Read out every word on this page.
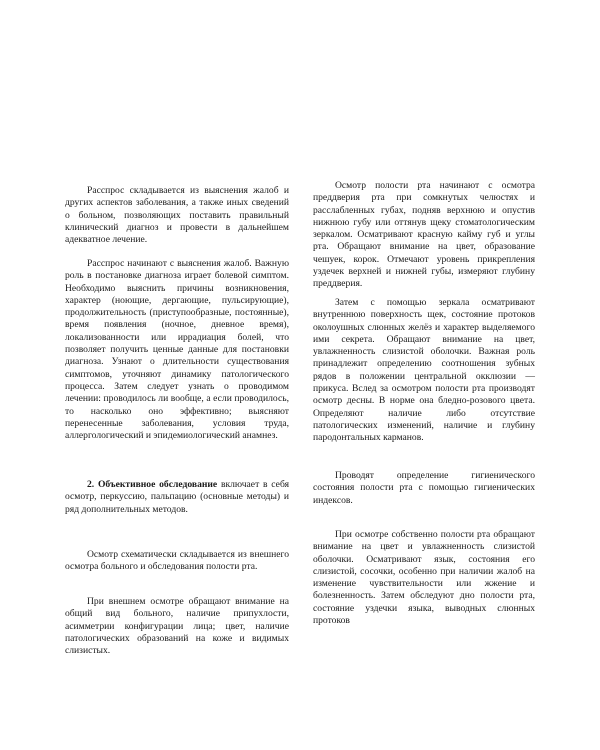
Расспрос складывается из выяснения жалоб и других аспектов заболевания, а также иных сведений о больном, позволяющих поставить правильный клинический диагноз и провести в дальнейшем адекватное лечение.

Расспрос начинают с выяснения жалоб. Важную роль в постановке диагноза играет болевой симптом. Необходимо выяснить причины возникновения, характер (ноющие, дергающие, пульсирующие), продолжительность (приступообразные, постоянные), время появления (ночное, дневное время), локализованности или иррадиация болей, что позволяет получить ценные данные для постановки диагноза. Узнают о длительности существования симптомов, уточняют динамику патологического процесса. Затем следует узнать о проводимом лечении: проводилось ли вообще, а если проводилось, то насколько оно эффективно; выясняют перенесенные заболевания, условия труда, аллергологический и эпидемиологический анамнез.

2. Объективное обследование включает в себя осмотр, перкуссию, пальпацию (основные методы) и ряд дополнительных методов.

Осмотр схематически складывается из внешнего осмотра больного и обследования полости рта.

При внешнем осмотре обращают внимание на общий вид больного, наличие припухлости, асимметрии конфигурации лица; цвет, наличие патологических образований на коже и видимых слизистых.

Осмотр полости рта начинают с осмотра преддверия рта при сомкнутых челюстях и расслабленных губах, подняв верхнюю и опустив нижнюю губу или оттянув щеку стоматологическим зеркалом. Осматривают красную кайму губ и углы рта. Обращают внимание на цвет, образование чешуек, корок. Отмечают уровень прикрепления уздечек верхней и нижней губы, измеряют глубину преддверия.

Затем с помощью зеркала осматривают внутреннюю поверхность щек, состояние протоков околоушных слюнных желёз и характер выделяемого ими секрета. Обращают внимание на цвет, увлажненность слизистой оболочки. Важная роль принадлежит определению соотношения зубных рядов в положении центральной окклюзии — прикуса. Вслед за осмотром полости рта производят осмотр десны. В норме она бледно-розового цвета. Определяют наличие либо отсутствие патологических изменений, наличие и глубину пародонтальных карманов.

Проводят определение гигиенического состояния полости рта с помощью гигиенических индексов.

При осмотре собственно полости рта обращают внимание на цвет и увлажненность слизистой оболочки. Осматривают язык, состояния его слизистой, сосочки, особенно при наличии жалоб на изменение чувствительности или жжение и болезненность. Затем обследуют дно полости рта, состояние уздечки языка, выводных слюнных протоков
